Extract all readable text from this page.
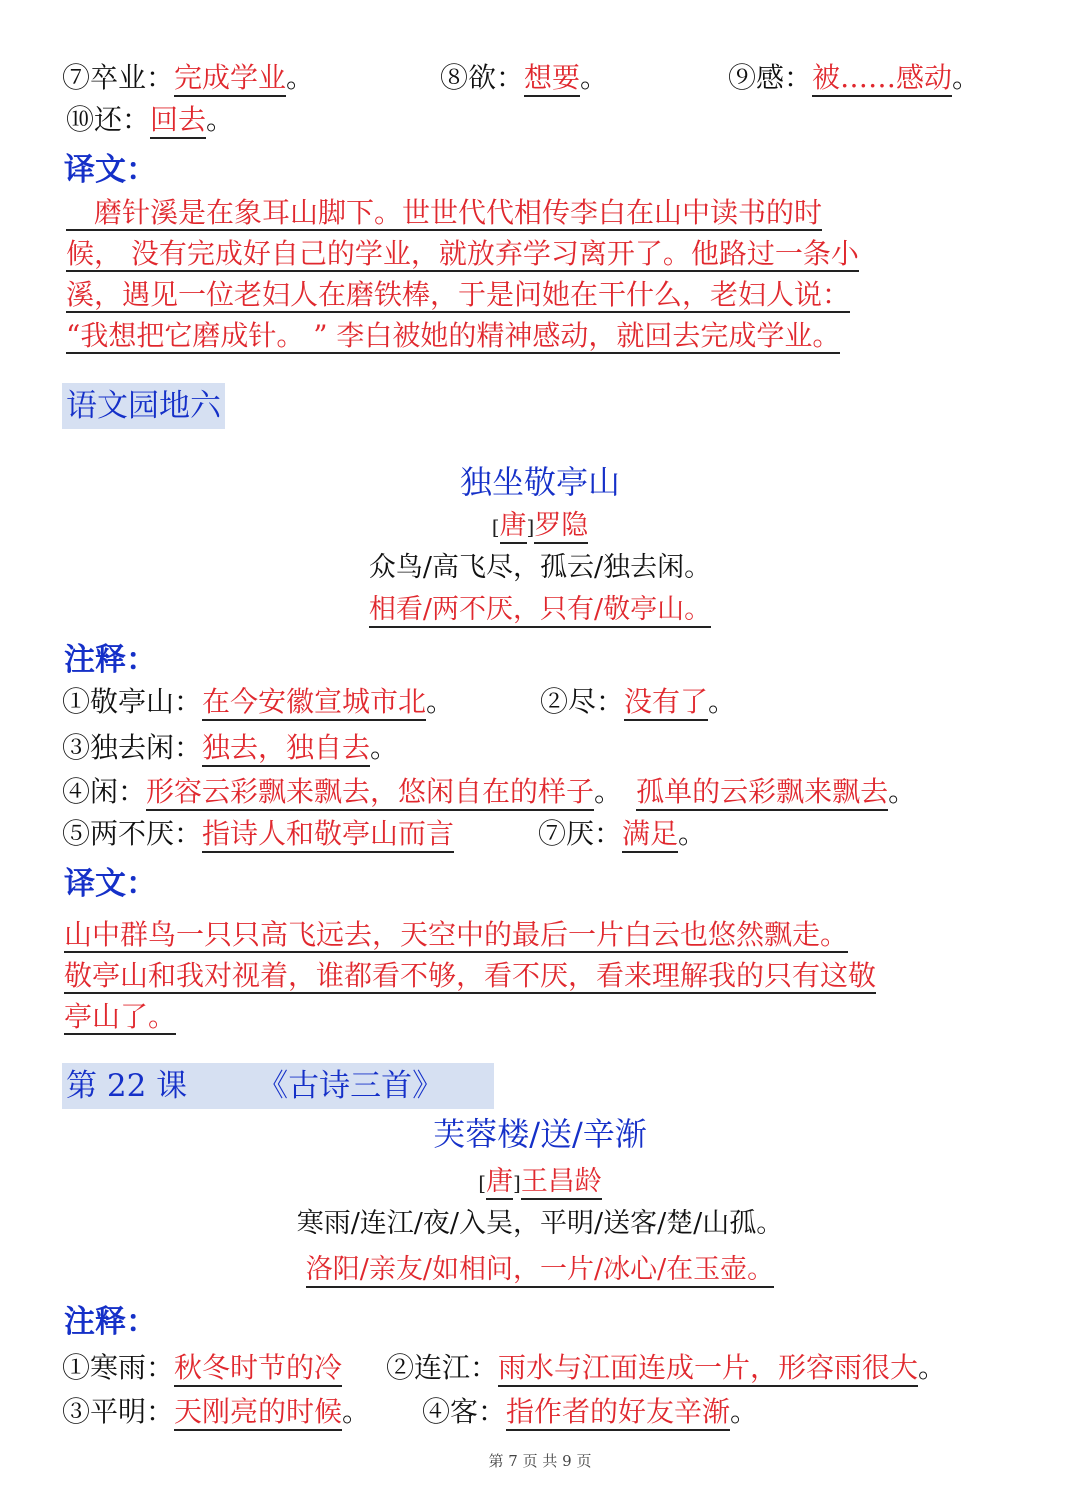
⑦卒业：完成学业。	⑧欲：想要。	⑨感：被……感动。
⑩还：回去。
译文：
　磨针溪是在象耳山脚下。世世代代相传李白在山中读书的时
候， 没有完成好自己的学业，就放弃学习离开了。他路过一条小
溪，遇见一位老妇人在磨铁棒，于是问她在干什么，老妇人说：
“我想把它磨成针。 ” 李白被她的精神感动，就回去完成学业。
语文园地六
独坐敬亭山
[唐]罗隐
众鸟/高飞尽，孤云/独去闲。
相看/两不厌，只有/敬亭山。
注释：
①敬亭山：在今安徽宣城市北。	②尽：没有了。
③独去闲：独去，独自去。
④闲：形容云彩飘来飘去，悠闲自在的样子。　 孤单的云彩飘来飘去。
⑤两不厌：指诗人和敬亭山而言	⑦厌：满足。
译文：
山中群鸟一只只高飞远去，天空中的最后一片白云也悠然飘走。
敬亭山和我对视着，谁都看不够，看不厌，看来理解我的只有这敬
亭山了。
第 22 课 《古诗三首》
芙蓉楼/送/辛渐
[唐]王昌龄
寒雨/连江/夜/入吴，平明/送客/楚/山孤。
洛阳/亲友/如相问，一片/冰心/在玉壶。
注释：
①寒雨：秋冬时节的冷 ②连江：雨水与江面连成一片，形容雨很大。
③平明：天刚亮的时候。 ④客：指作者的好友辛渐。
第 7 页 共 9 页
